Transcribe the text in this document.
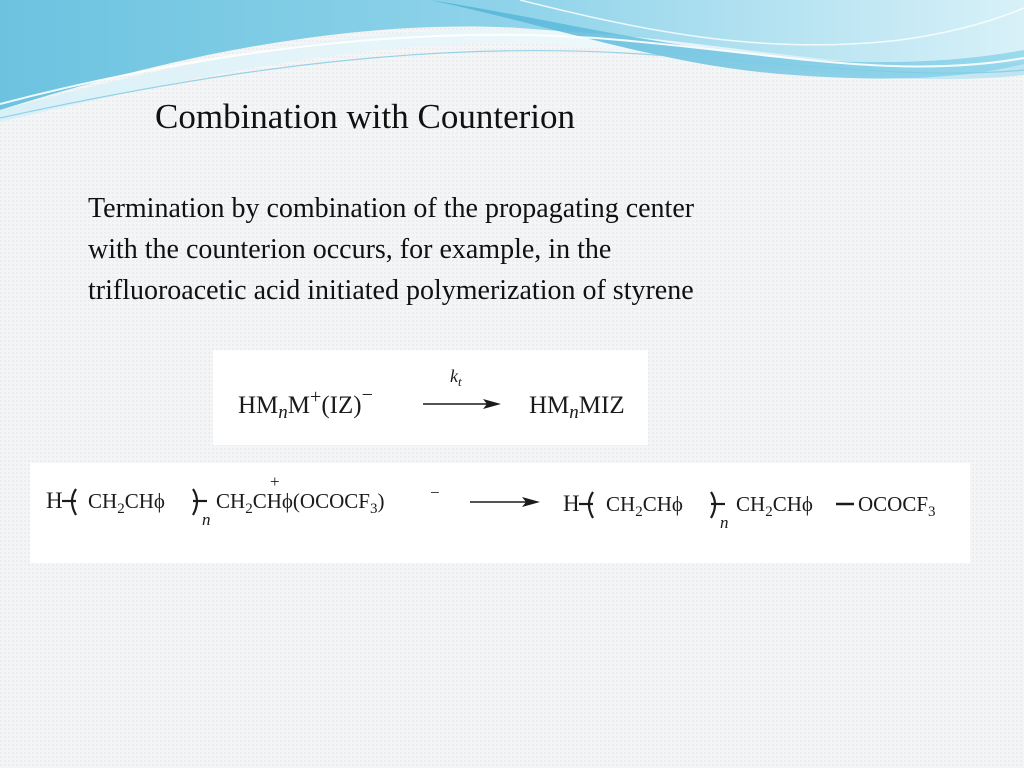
Combination with Counterion
Termination by combination of the propagating center
with the counterion occurs, for example, in the
trifluoroacetic acid initiated polymerization of styrene
$HM_nM^+(IZ)^-$
$k_t$
$HM_nMIZ$
H $CH_2CH\phi$
n
$CH_2CH\phi(OCOCF_3)$
+
−	H $CH_2CH\phi$
n
$CH_2CH\phi$ $OCOCF_3$
